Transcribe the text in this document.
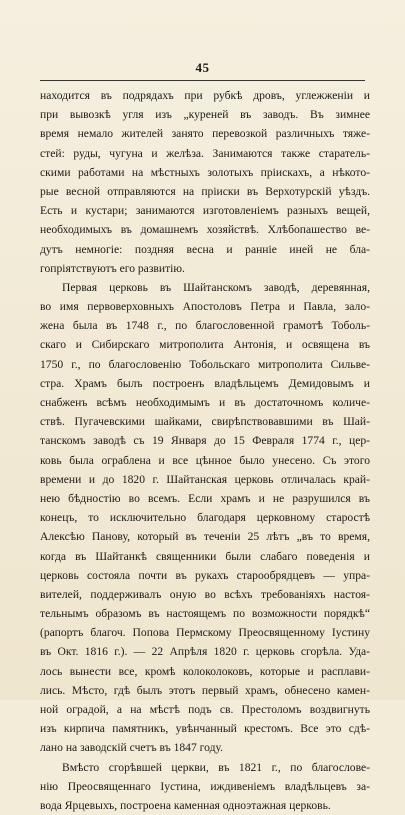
45
находится въ подрядахъ при рубкѣ дровъ, углежженіи и
при вывозкѣ угля изъ „куреней въ заводъ. Въ зимнее
время немало жителей занято перевозкой различныхъ тяже-
стей: руды, чугуна и желѣза. Занимаются также старатель-
скими работами на мѣстныхъ золотыхъ пріискахъ, а нѣкото-
рые весной отправляются на пріиски въ Верхотурскій уѣздъ.
Есть и кустари; занимаются изготовленіемъ разныхъ вещей,
необходимыхъ въ домашнемъ хозяйствѣ. Хлѣбопашество ве-
дутъ немногіе: поздняя весна и ранніе иней не бла-
гопріятствуютъ его развитію.
Первая церковь въ Шайтанскомъ заводѣ, деревянная,
во имя первоверховныхъ Апостоловъ Петра и Павла, зало-
жена была въ 1748 г., по благословенной грамотѣ Тоболь-
скаго и Сибирскаго митрополита Антонія, и освящена въ
1750 г., по благословенію Тобольскаго митрополита Сильве-
стра. Храмъ былъ построенъ владѣльцемъ Демидовымъ и
снабженъ всѣмъ необходимымъ и въ достаточномъ количе-
ствѣ. Пугачевскими шайками, свирѣпствовавшими въ Шай-
танскомъ заводѣ съ 19 Января до 15 Февраля 1774 г., цер-
ковь была ограблена и все цѣнное было унесено. Съ этого
времени и до 1820 г. Шайтанская церковь отличалась край-
нею бѣдностію во всемъ. Если храмъ и не разрушился въ
конецъ, то исключительно благодаря церковному старостѣ
Алексѣю Панову, который въ теченіи 25 лѣтъ „въ то время,
когда въ Шайтанкѣ священники были слабаго поведенія и
церковь состояла почти въ рукахъ старообрядцевъ — упра-
вителей, поддерживалъ оную во всѣхъ требованіяхъ настоя-
тельнымъ образомъ въ настоящемъ по возможности порядкѣ“
(рапортъ благоч. Попова Пермскому Преосвященному Іустину
въ Окт. 1816 г.). — 22 Апрѣля 1820 г. церковь сгорѣла. Уда-
лось вынести все, кромѣ колоколоковъ, которые и расплави-
лись. Мѣсто, гдѣ былъ этотъ первый храмъ, обнесено камен-
ной оградой, а на мѣстѣ подъ св. Престоломъ воздвигнуть
изъ кирпича памятникъ, увѣнчанный крестомъ. Все это сдѣ-
лано на заводскій счетъ въ 1847 году.
Вмѣсто сгорѣвшей церкви, въ 1821 г., по благослове-
нію Преосвященнаго Іустина, иждивеніемъ владѣльцевъ за-
вода Ярцевыхъ, построена каменная одноэтажная церковь.
